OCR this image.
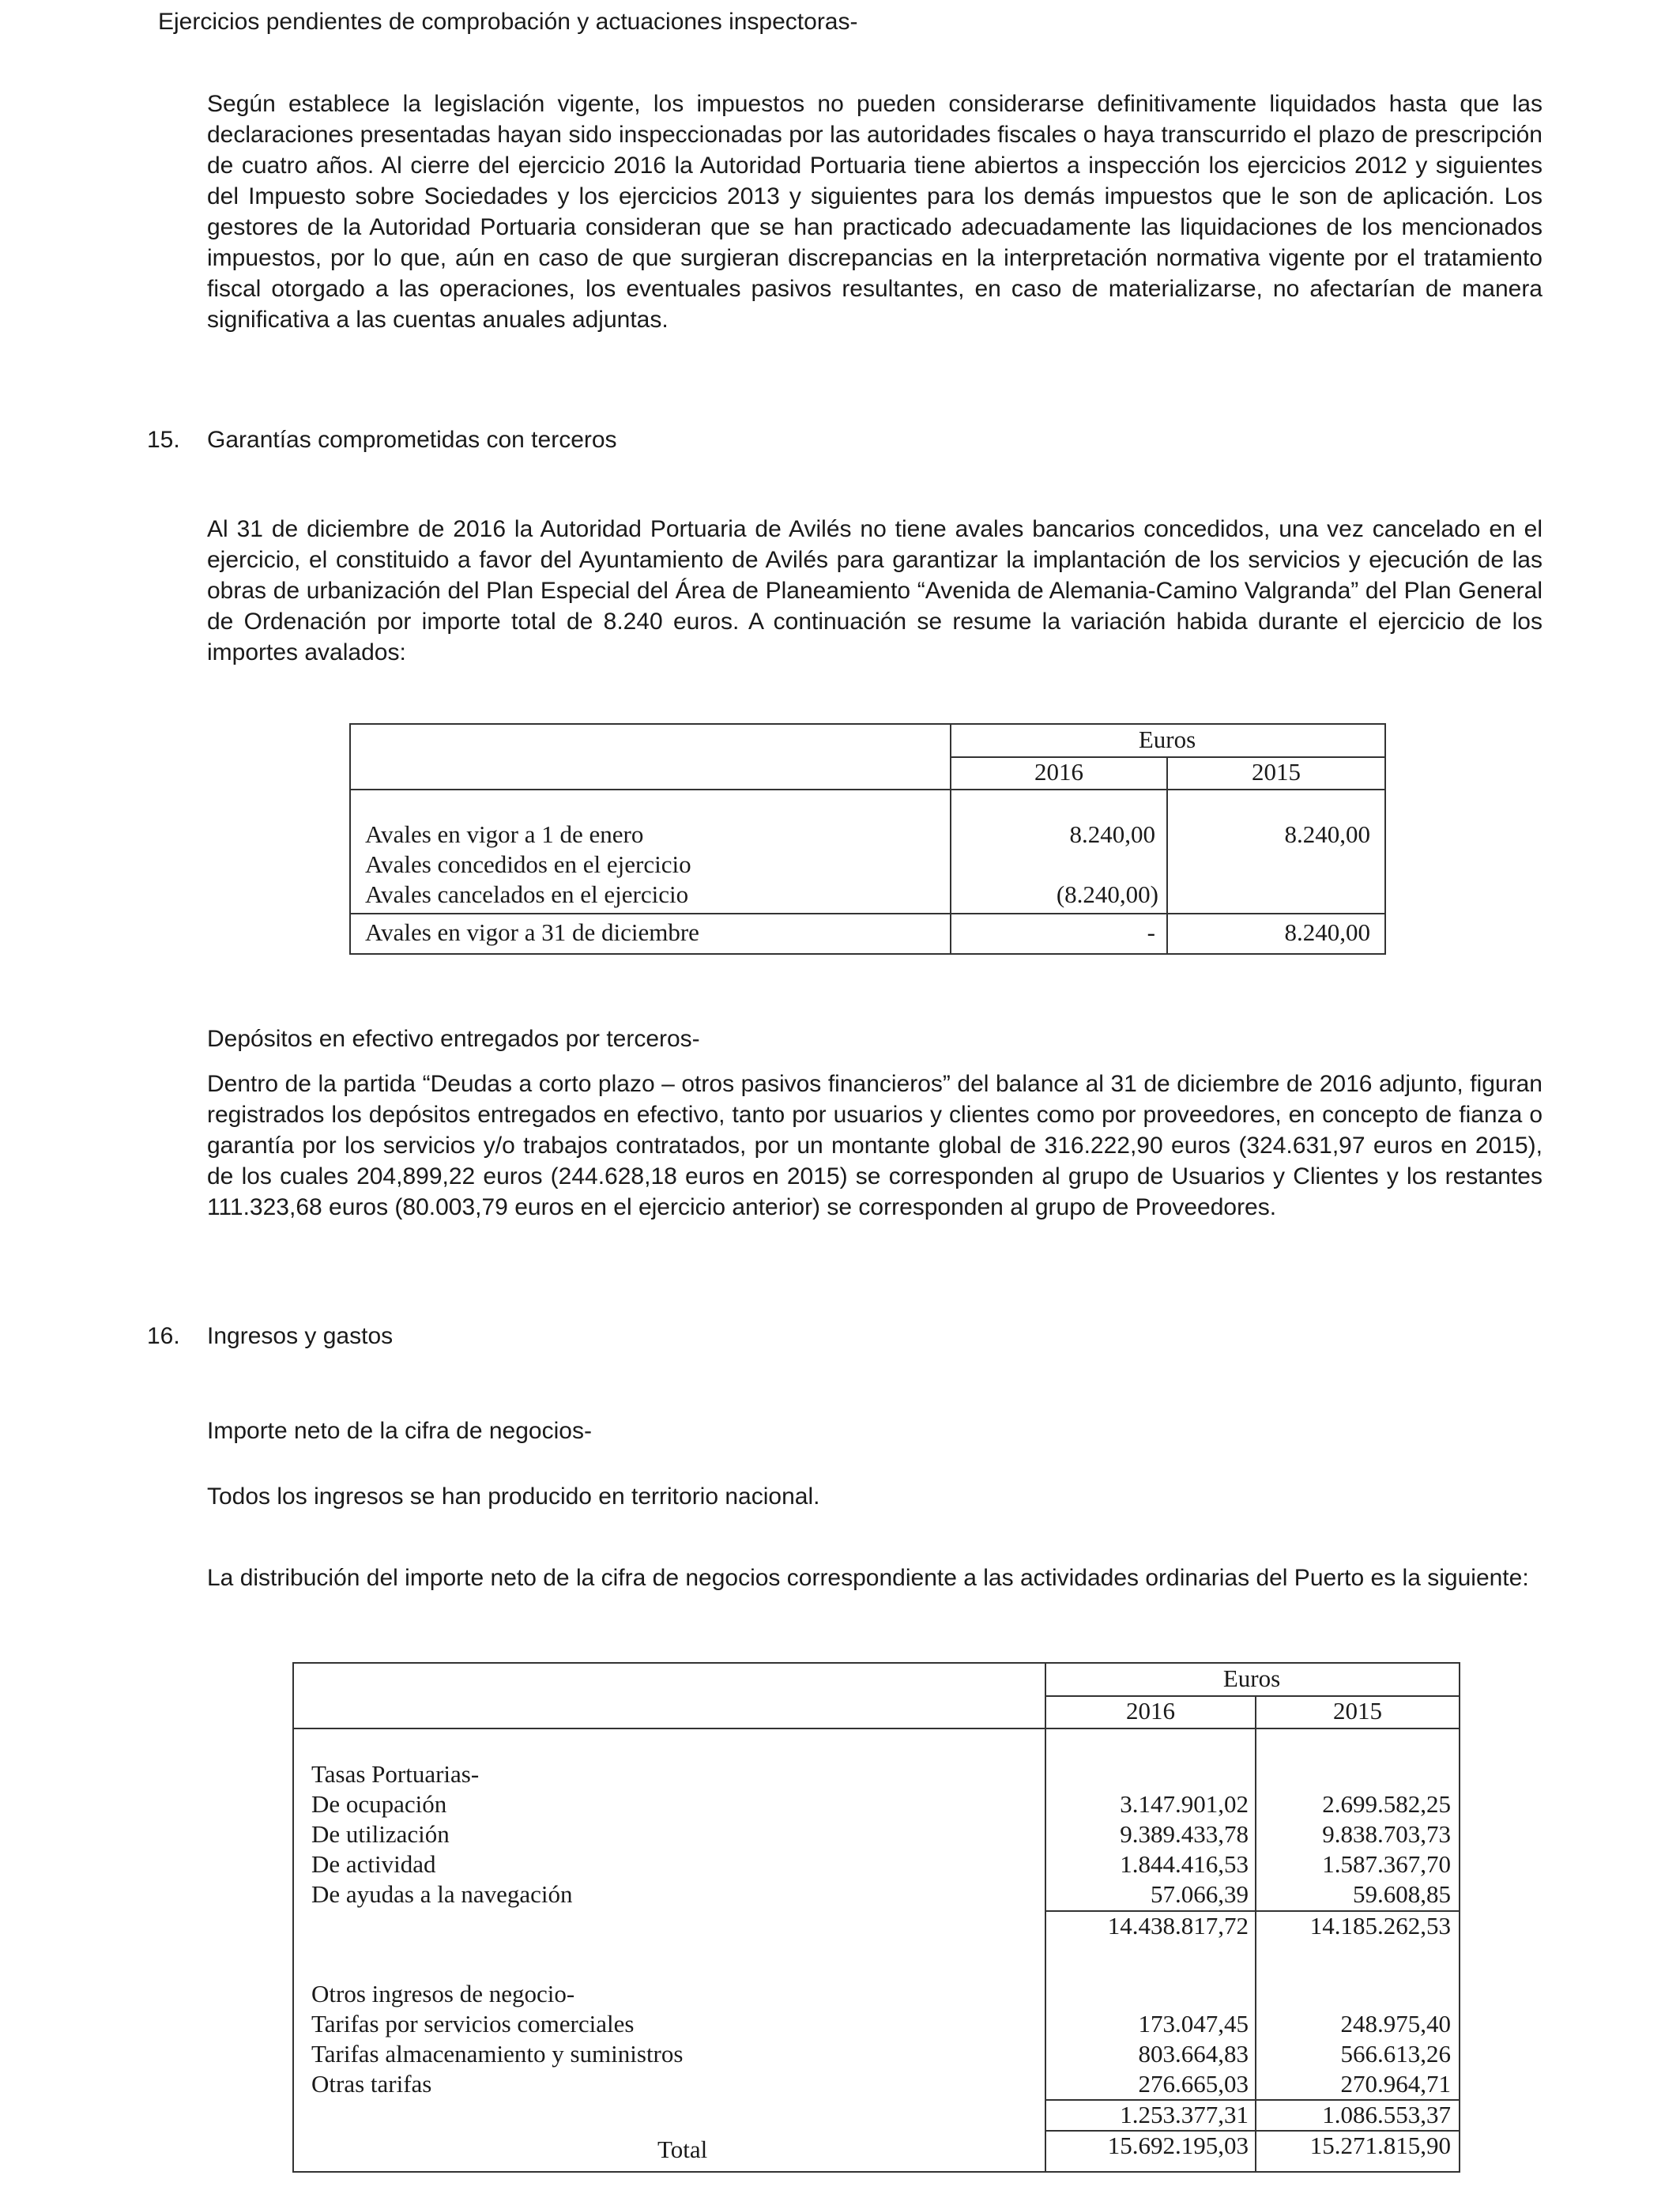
Ejercicios pendientes de comprobación y actuaciones inspectoras-
Según establece la legislación vigente, los impuestos no pueden considerarse definitivamente liquidados hasta que las declaraciones presentadas hayan sido inspeccionadas por las autoridades fiscales o haya transcurrido el plazo de prescripción de cuatro años. Al cierre del ejercicio 2016 la Autoridad Portuaria tiene abiertos a inspección los ejercicios 2012 y siguientes del Impuesto sobre Sociedades y los ejercicios 2013 y siguientes para los demás impuestos que le son de aplicación. Los gestores de la Autoridad Portuaria consideran que se han practicado adecuadamente las liquidaciones de los mencionados impuestos, por lo que, aún en caso de que surgieran discrepancias en la interpretación normativa vigente por el tratamiento fiscal otorgado a las operaciones, los eventuales pasivos resultantes, en caso de materializarse, no afectarían de manera significativa a las cuentas anuales adjuntas.
15. Garantías comprometidas con terceros
Al 31 de diciembre de 2016 la Autoridad Portuaria de Avilés no tiene avales bancarios concedidos, una vez cancelado en el ejercicio, el constituido a favor del Ayuntamiento de Avilés para garantizar la implantación de los servicios y ejecución de las obras de urbanización del Plan Especial del Área de Planeamiento “Avenida de Alemania-Camino Valgranda” del Plan General de Ordenación por importe total de 8.240 euros. A continuación se resume la variación habida durante el ejercicio de los importes avalados:
Euros
2016	2015
Avales en vigor a 1 de enero	8.240,00	8.240,00
Avales concedidos en el ejercicio
Avales cancelados en el ejercicio	(8.240,00)
Avales en vigor a 31 de diciembre	-	8.240,00
Depósitos en efectivo entregados por terceros-
Dentro de la partida “Deudas a corto plazo – otros pasivos financieros” del balance al 31 de diciembre de 2016 adjunto, figuran registrados los depósitos entregados en efectivo, tanto por usuarios y clientes como por proveedores, en concepto de fianza o garantía por los servicios y/o trabajos contratados, por un montante global de 316.222,90 euros (324.631,97 euros en 2015), de los cuales 204,899,22 euros (244.628,18 euros en 2015) se corresponden al grupo de Usuarios y Clientes y los restantes 111.323,68 euros (80.003,79 euros en el ejercicio anterior) se corresponden al grupo de Proveedores.
16. Ingresos y gastos
Importe neto de la cifra de negocios-
Todos los ingresos se han producido en territorio nacional.
La distribución del importe neto de la cifra de negocios correspondiente a las actividades ordinarias del Puerto es la siguiente:
Euros
2016	2015
Tasas Portuarias-
De ocupación	3.147.901,02	2.699.582,25
De utilización	9.389.433,78	9.838.703,73
De actividad	1.844.416,53	1.587.367,70
De ayudas a la navegación	57.066,39	59.608,85
14.438.817,72	14.185.262,53
Otros ingresos de negocio-
Tarifas por servicios comerciales	173.047,45	248.975,40
Tarifas almacenamiento y suministros	803.664,83	566.613,26
Otras tarifas	276.665,03	270.964,71
1.253.377,31	1.086.553,37
Total	15.692.195,03	15.271.815,90
